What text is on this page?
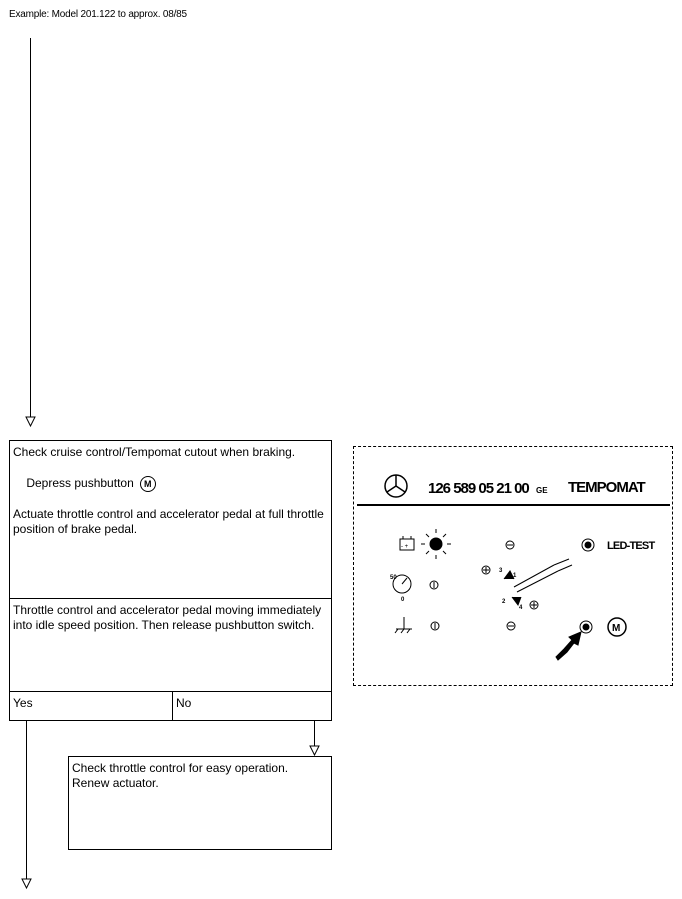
Example: Model 201.122 to approx. 08/85
Check cruise control/Tempomat cutout when braking.

Depress pushbutton M

Actuate throttle control and accelerator pedal at full throttle position of brake pedal.
Throttle control and accelerator pedal moving immediately into idle speed position. Then release pushbutton switch.
Yes	No
Check throttle control for easy operation.
Renew actuator.
126 589 05 21 00 GE TEMPOMAT
- +
50
0
3
1
2
4
LED-TEST
M
